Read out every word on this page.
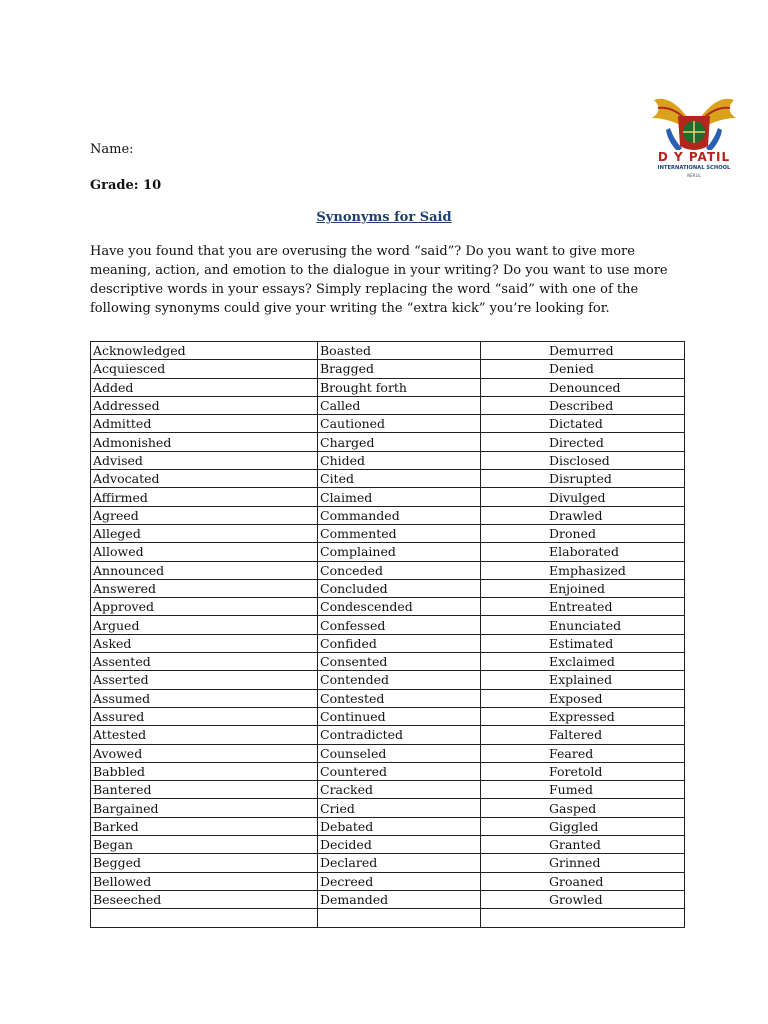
D Y PATIL
INTERNATIONAL SCHOOL
NERUL
Name:
Grade: 10
Synonyms for Said

Have you found that you are overusing the word “said”? Do you want to give more meaning, action, and emotion to the dialogue in your writing? Do you want to use more descriptive words in your essays? Simply replacing the word “said” with one of the following synonyms could give your writing the “extra kick” you’re looking for.

Acknowledged	Boasted	Demurred
Acquiesced	Bragged	Denied
Added	Brought forth	Denounced
Addressed	Called	Described
Admitted	Cautioned	Dictated
Admonished	Charged	Directed
Advised	Chided	Disclosed
Advocated	Cited	Disrupted
Affirmed	Claimed	Divulged
Agreed	Commanded	Drawled
Alleged	Commented	Droned
Allowed	Complained	Elaborated
Announced	Conceded	Emphasized
Answered	Concluded	Enjoined
Approved	Condescended	Entreated
Argued	Confessed	Enunciated
Asked	Confided	Estimated
Assented	Consented	Exclaimed
Asserted	Contended	Explained
Assumed	Contested	Exposed
Assured	Continued	Expressed
Attested	Contradicted	Faltered
Avowed	Counseled	Feared
Babbled	Countered	Foretold
Bantered	Cracked	Fumed
Bargained	Cried	Gasped
Barked	Debated	Giggled
Began	Decided	Granted
Begged	Declared	Grinned
Bellowed	Decreed	Groaned
Beseeched	Demanded	Growled
